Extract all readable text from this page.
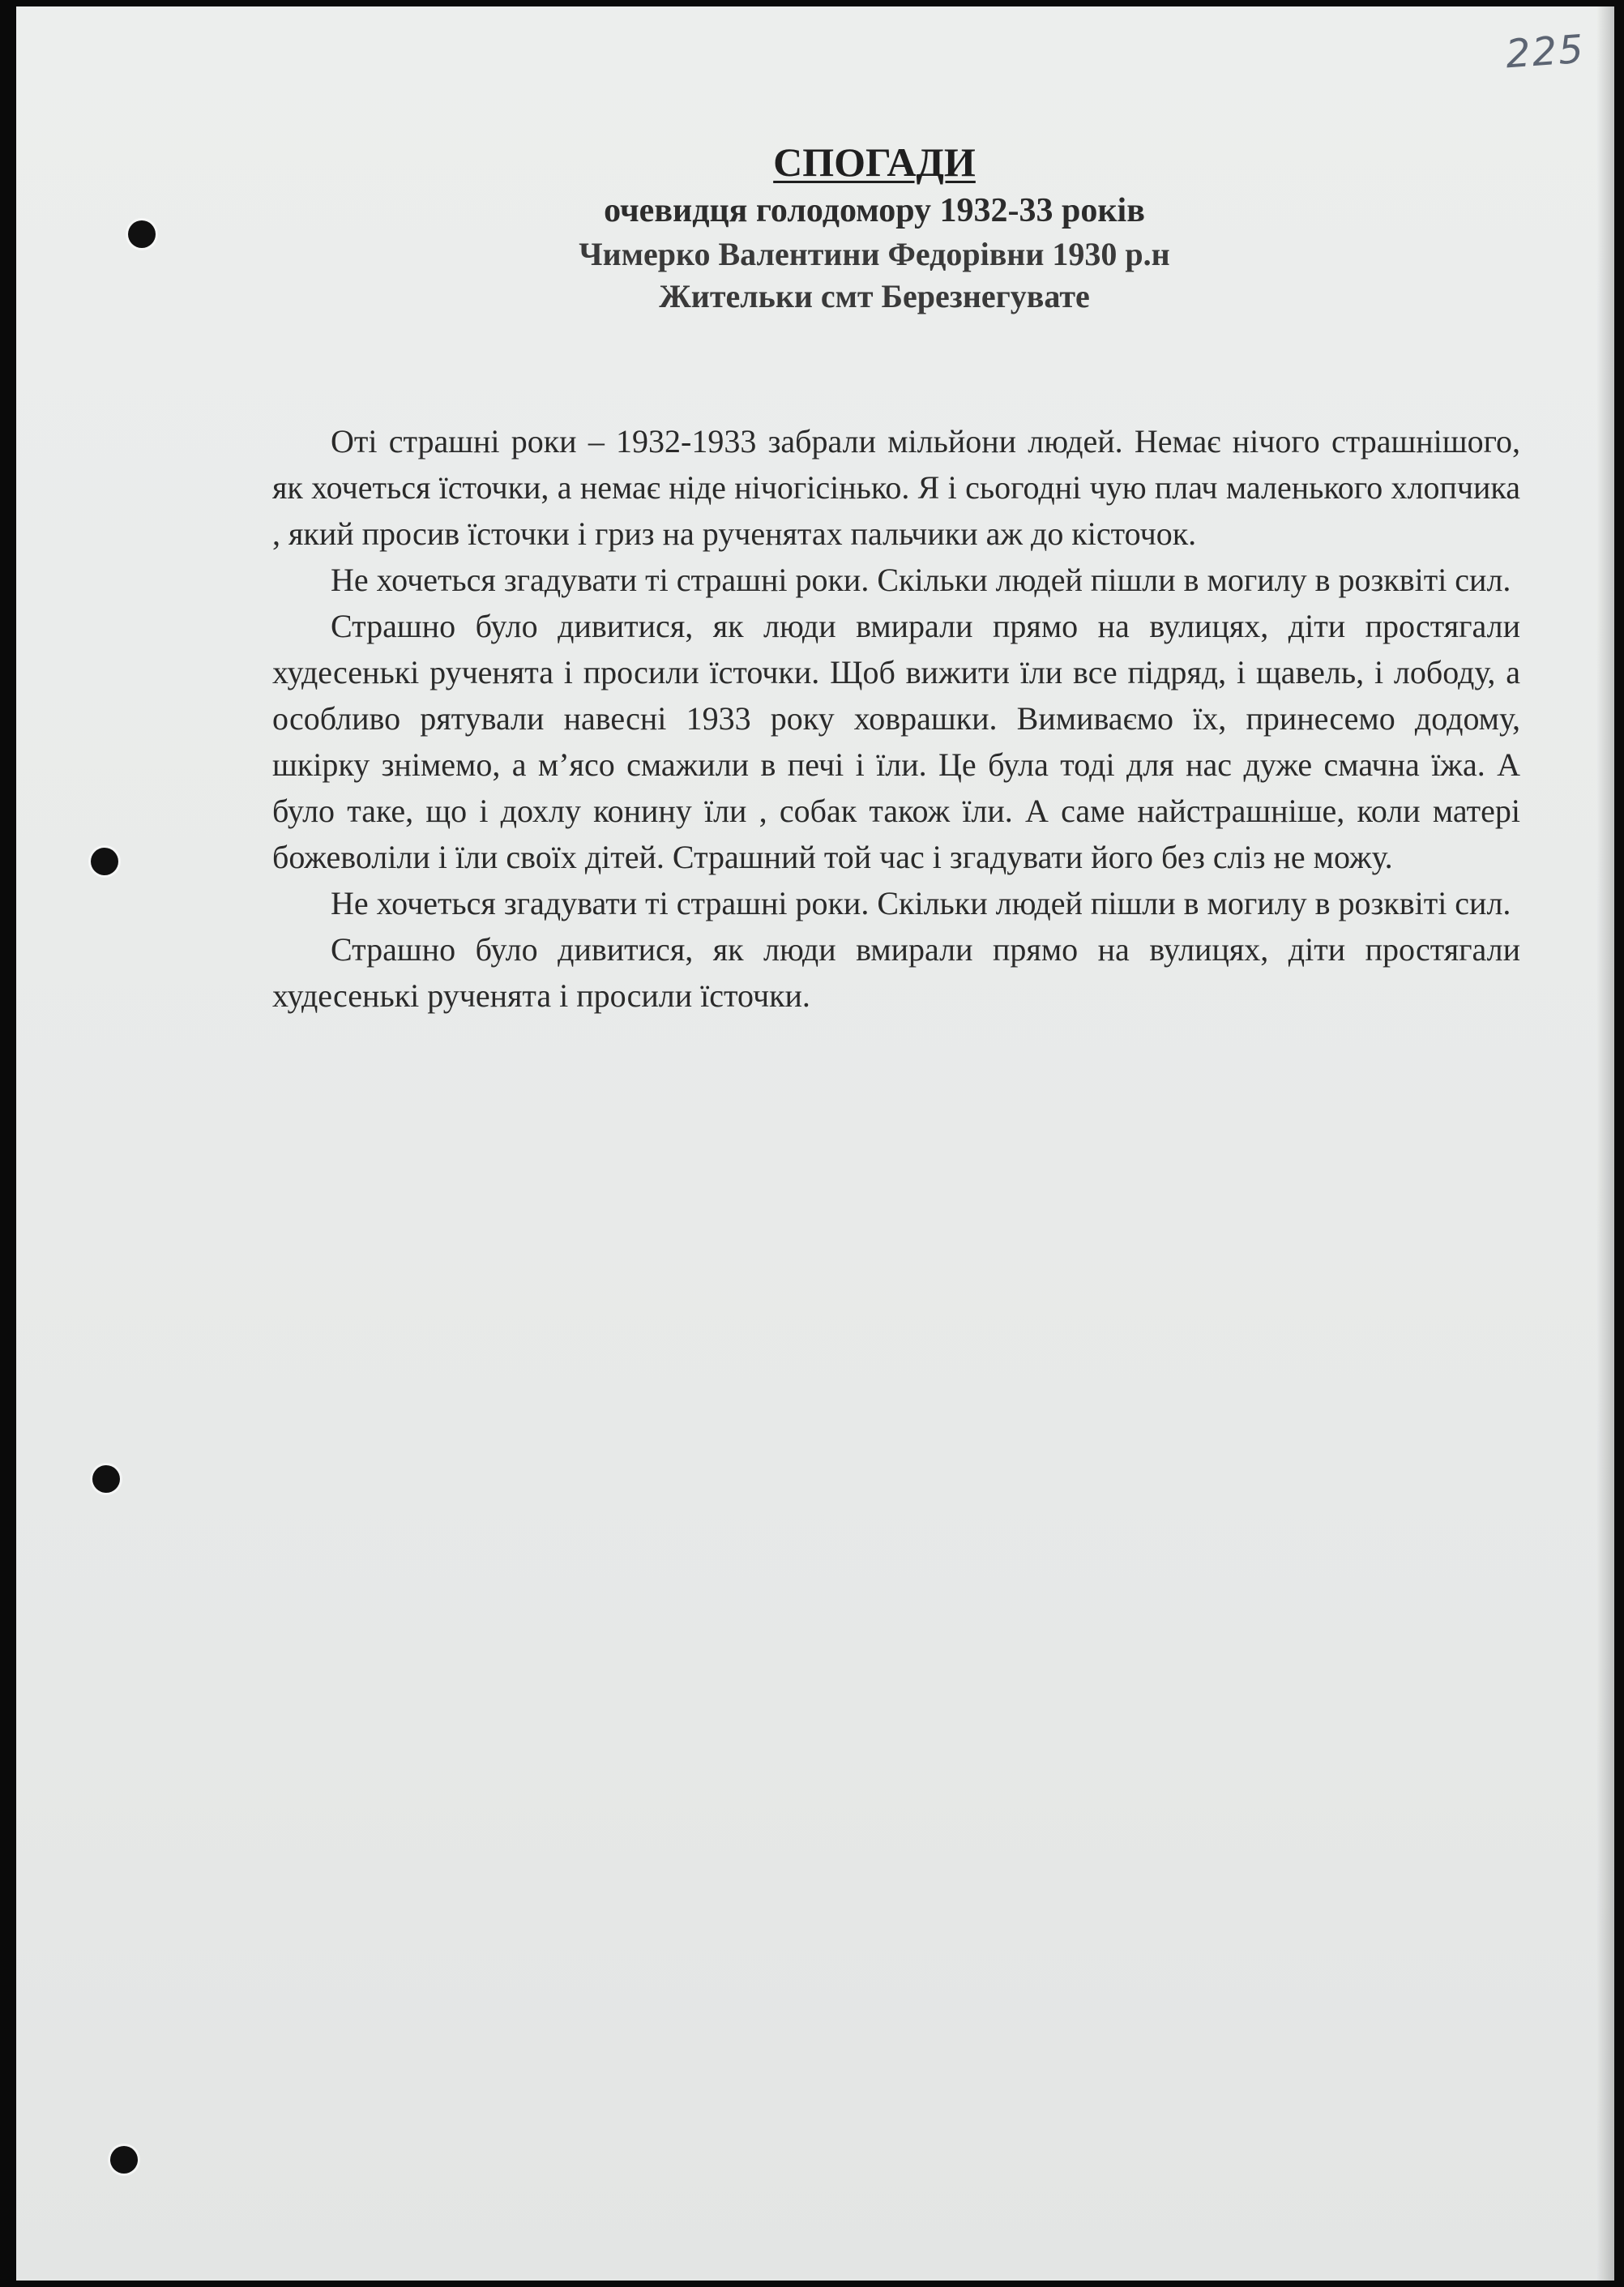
225
СПОГАДИ
очевидця голодомору 1932-33 років
Чимерко Валентини Федорівни 1930 р.н
Жительки смт Березнегувате

Оті страшні роки – 1932-1933 забрали мільйони людей. Немає нічого страшнішого, як хочеться їсточки, а немає ніде нічогісінько. Я і сьогодні чую плач маленького хлопчика , який просив їсточки і гриз на рученятах пальчики аж до кісточок.

Не хочеться згадувати ті страшні роки. Скільки людей пішли в могилу в розквіті сил.

Страшно було дивитися, як люди вмирали прямо на вулицях, діти простягали худесенькі рученята і просили їсточки. Щоб вижити їли все підряд, і щавель, і лободу, а особливо рятували навесні 1933 року ховрашки. Вимиваємо їх, принесемо додому, шкірку знімемо, а м’ясо смажили в печі і їли. Це була тоді для нас дуже смачна їжа. А було таке, що і дохлу конину їли , собак також їли. А саме найстрашніше, коли матері божеволіли і їли своїх дітей. Страшний той час і згадувати його без сліз не можу.

Не хочеться згадувати ті страшні роки. Скільки людей пішли в могилу в розквіті сил.

Страшно було дивитися, як люди вмирали прямо на вулицях, діти простягали худесенькі рученята і просили їсточки.
